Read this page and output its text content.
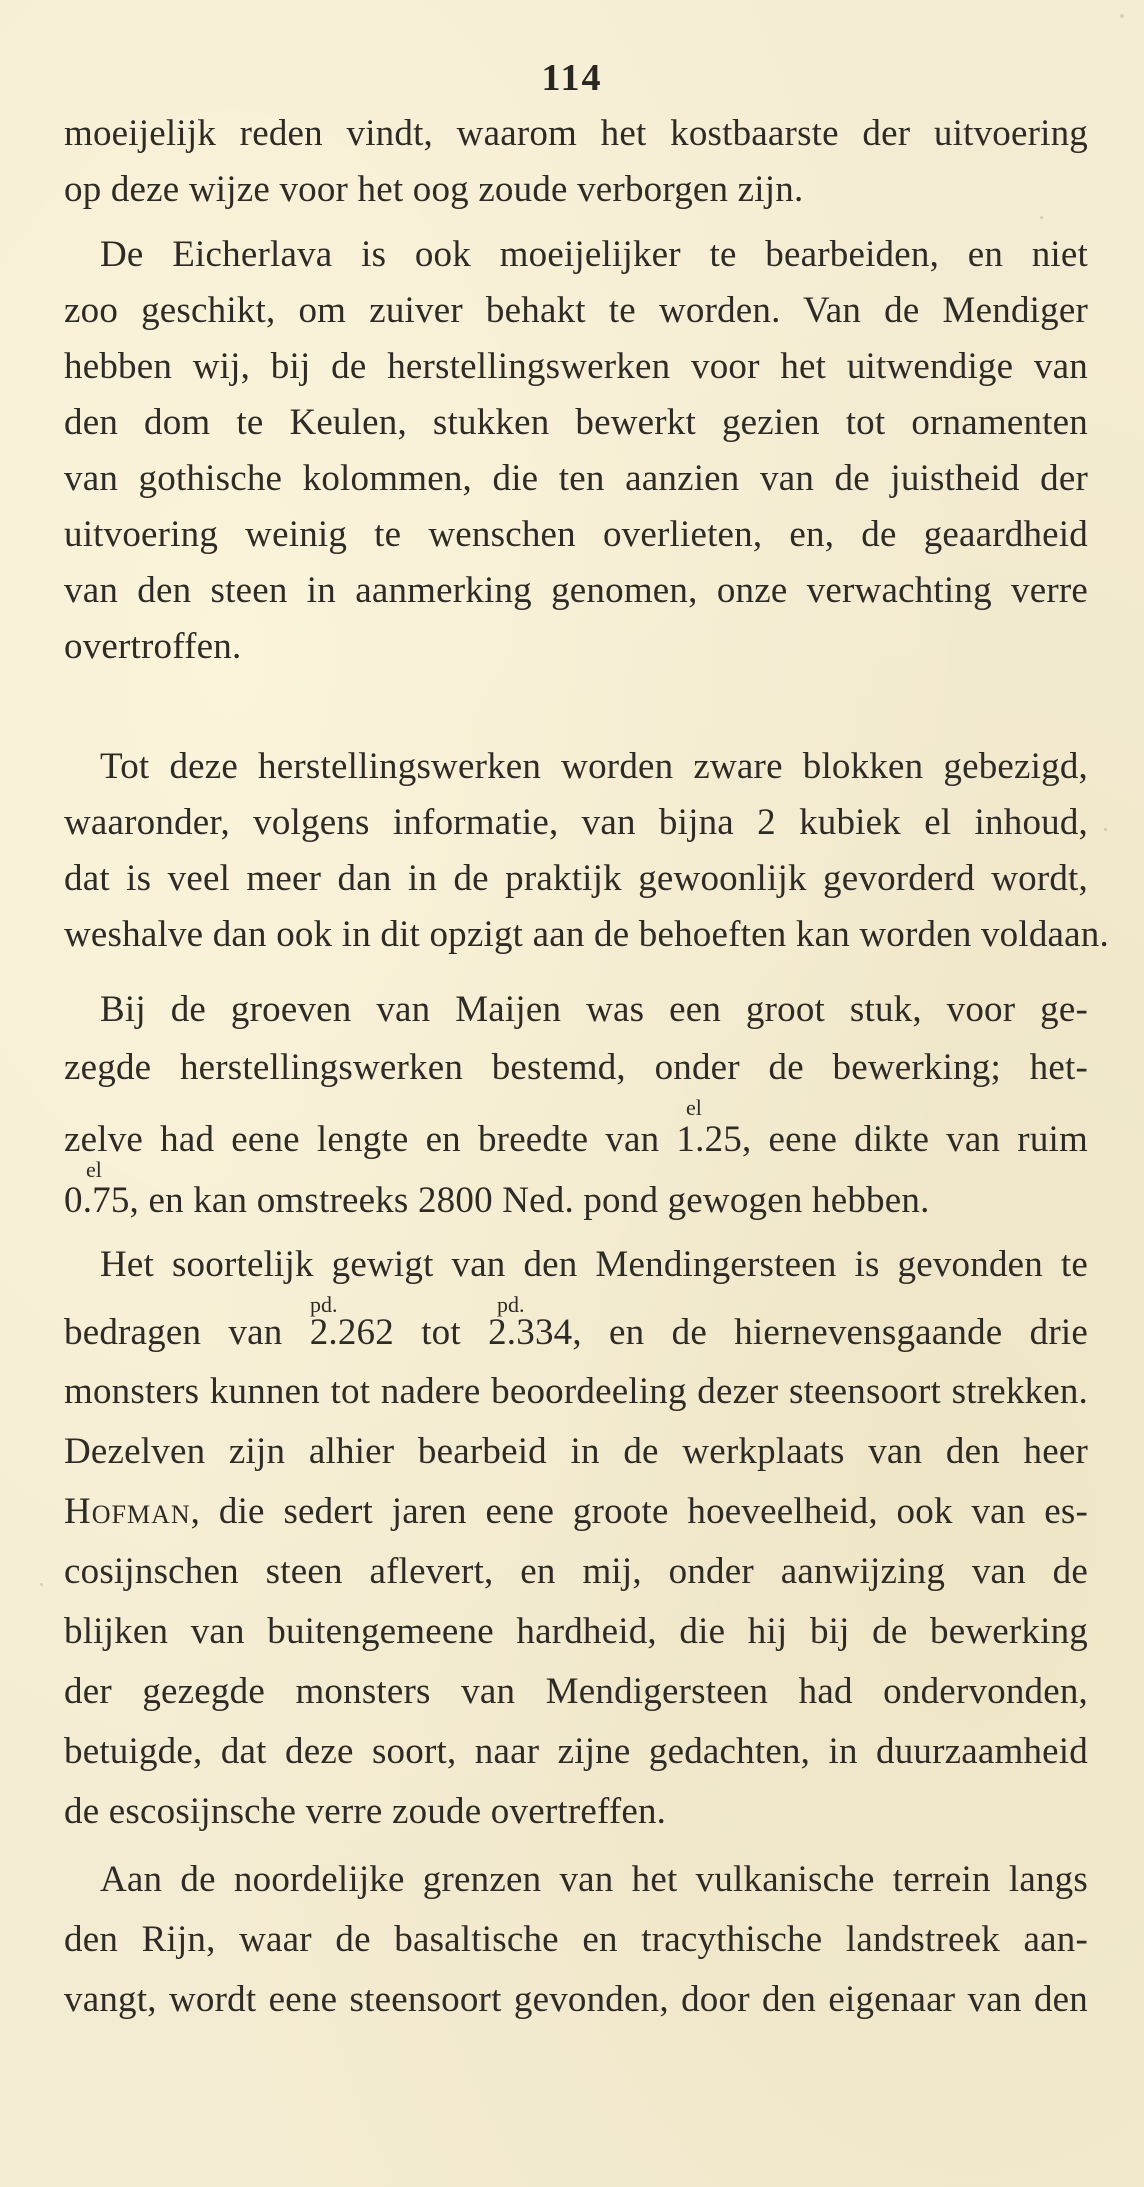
114
moeijelijk reden vindt, waarom het kostbaarste der uitvoering
op deze wijze voor het oog zoude verborgen zijn.
De Eicherlava is ook moeijelijker te bearbeiden, en niet
zoo geschikt, om zuiver behakt te worden. Van de Mendiger
hebben wij, bij de herstellingswerken voor het uitwendige van
den dom te Keulen, stukken bewerkt gezien tot ornamenten
van gothische kolommen, die ten aanzien van de juistheid der
uitvoering weinig te wenschen overlieten, en, de geaardheid
van den steen in aanmerking genomen, onze verwachting verre
overtroffen.
Tot deze herstellingswerken worden zware blokken gebezigd,
waaronder, volgens informatie, van bijna 2 kubiek el inhoud,
dat is veel meer dan in de praktijk gewoonlijk gevorderd wordt,
weshalve dan ook in dit opzigt aan de behoeften kan worden voldaan.
Bij de groeven van Maijen was een groot stuk, voor ge-
zegde herstellingswerken bestemd, onder de bewerking; het-
el
zelve had eene lengte en breedte van 1.25, eene dikte van ruim
el
0.75, en kan omstreeks 2800 Ned. pond gewogen hebben.
Het soortelijk gewigt van den Mendingersteen is gevonden te
pd.	pd.
bedragen van 2.262 tot 2.334, en de hiernevensgaande drie
monsters kunnen tot nadere beoordeeling dezer steensoort strekken.
Dezelven zijn alhier bearbeid in de werkplaats van den heer
Hofman, die sedert jaren eene groote hoeveelheid, ook van es-
cosijnschen steen aflevert, en mij, onder aanwijzing van de
blijken van buitengemeene hardheid, die hij bij de bewerking
der gezegde monsters van Mendigersteen had ondervonden,
betuigde, dat deze soort, naar zijne gedachten, in duurzaamheid
de escosijnsche verre zoude overtreffen.
Aan de noordelijke grenzen van het vulkanische terrein langs
den Rijn, waar de basaltische en tracythische landstreek aan-
vangt, wordt eene steensoort gevonden, door den eigenaar van den
